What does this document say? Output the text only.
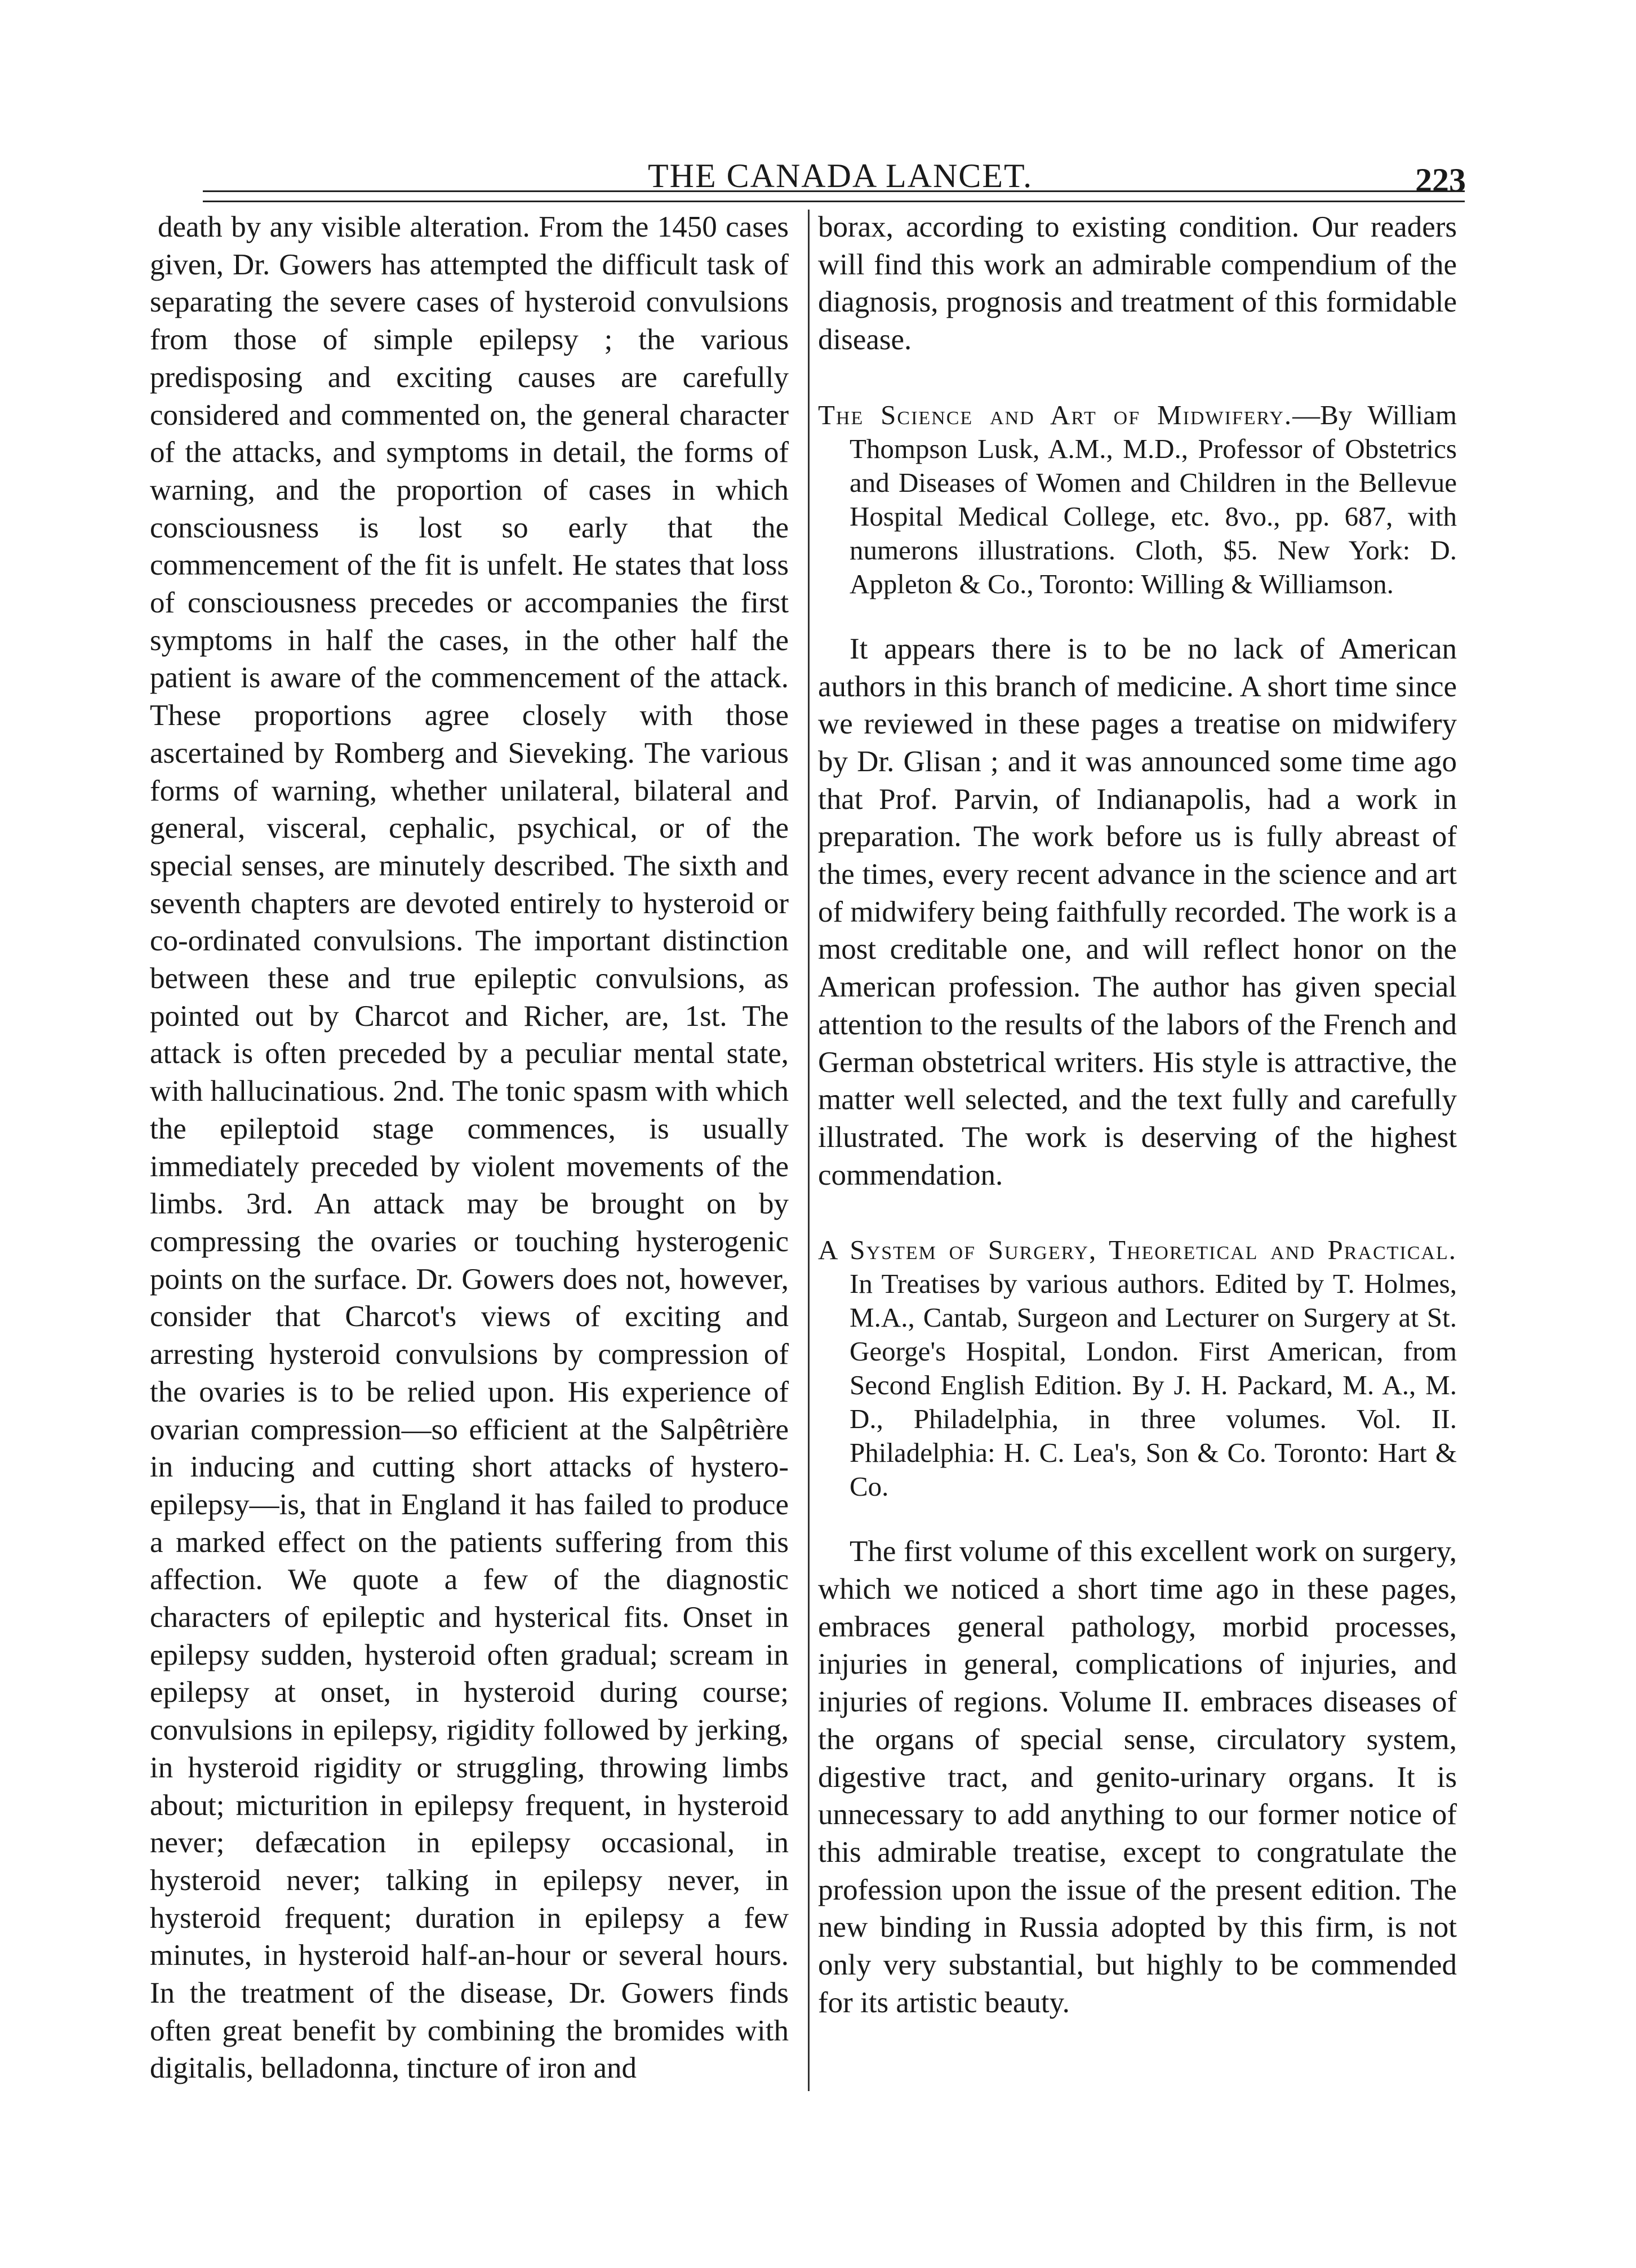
THE CANADA LANCET.	223

death by any visible alteration. From the 1450 cases given, Dr. Gowers has attempted the difficult task of separating the severe cases of hysteroid convulsions from those of simple epilepsy ; the various predisposing and exciting causes are carefully considered and commented on, the general character of the attacks, and symptoms in detail, the forms of warning, and the proportion of cases in which consciousness is lost so early that the commencement of the fit is unfelt. He states that loss of consciousness precedes or accompanies the first symptoms in half the cases, in the other half the patient is aware of the commencement of the attack. These proportions agree closely with those ascertained by Romberg and Sieveking. The various forms of warning, whether unilateral, bilateral and general, visceral, cephalic, psychical, or of the special senses, are minutely described. The sixth and seventh chapters are devoted entirely to hysteroid or co-ordinated convulsions. The important distinction between these and true epileptic convulsions, as pointed out by Charcot and Richer, are, 1st. The attack is often preceded by a peculiar mental state, with hallucinatious. 2nd. The tonic spasm with which the epileptoid stage commences, is usually immediately preceded by violent movements of the limbs. 3rd. An attack may be brought on by compressing the ovaries or touching hysterogenic points on the surface. Dr. Gowers does not, however, consider that Charcot's views of exciting and arresting hysteroid convulsions by compression of the ovaries is to be relied upon. His experience of ovarian compression—so efficient at the Salpêtrière in inducing and cutting short attacks of hystero-epilepsy—is, that in England it has failed to produce a marked effect on the patients suffering from this affection. We quote a few of the diagnostic characters of epileptic and hysterical fits. Onset in epilepsy sudden, hysteroid often gradual; scream in epilepsy at onset, in hysteroid during course; convulsions in epilepsy, rigidity followed by jerking, in hysteroid rigidity or struggling, throwing limbs about; micturition in epilepsy frequent, in hysteroid never; defæcation in epilepsy occasional, in hysteroid never; talking in epilepsy never, in hysteroid frequent; duration in epilepsy a few minutes, in hysteroid half-an-hour or several hours. In the treatment of the disease, Dr. Gowers finds often great benefit by combining the bromides with digitalis, belladonna, tincture of iron and

borax, according to existing condition. Our readers will find this work an admirable compendium of the diagnosis, prognosis and treatment of this formidable disease.

The Science and Art of Midwifery.—By William Thompson Lusk, A.M., M.D., Professor of Obstetrics and Diseases of Women and Children in the Bellevue Hospital Medical College, etc. 8vo., pp. 687, with numerons illustrations. Cloth, $5. New York: D. Appleton & Co., Toronto: Willing & Williamson.

It appears there is to be no lack of American authors in this branch of medicine. A short time since we reviewed in these pages a treatise on midwifery by Dr. Glisan ; and it was announced some time ago that Prof. Parvin, of Indianapolis, had a work in preparation. The work before us is fully abreast of the times, every recent advance in the science and art of midwifery being faithfully recorded. The work is a most creditable one, and will reflect honor on the American profession. The author has given special attention to the results of the labors of the French and German obstetrical writers. His style is attractive, the matter well selected, and the text fully and carefully illustrated. The work is deserving of the highest commendation.

A System of Surgery, Theoretical and Practical. In Treatises by various authors. Edited by T. Holmes, M.A., Cantab, Surgeon and Lecturer on Surgery at St. George's Hospital, London. First American, from Second English Edition. By J. H. Packard, M. A., M. D., Philadelphia, in three volumes. Vol. II. Philadelphia: H. C. Lea's, Son & Co. Toronto: Hart & Co.

The first volume of this excellent work on surgery, which we noticed a short time ago in these pages, embraces general pathology, morbid processes, injuries in general, complications of injuries, and injuries of regions. Volume II. embraces diseases of the organs of special sense, circulatory system, digestive tract, and genito-urinary organs. It is unnecessary to add anything to our former notice of this admirable treatise, except to congratulate the profession upon the issue of the present edition. The new binding in Russia adopted by this firm, is not only very substantial, but highly to be commended for its artistic beauty.
